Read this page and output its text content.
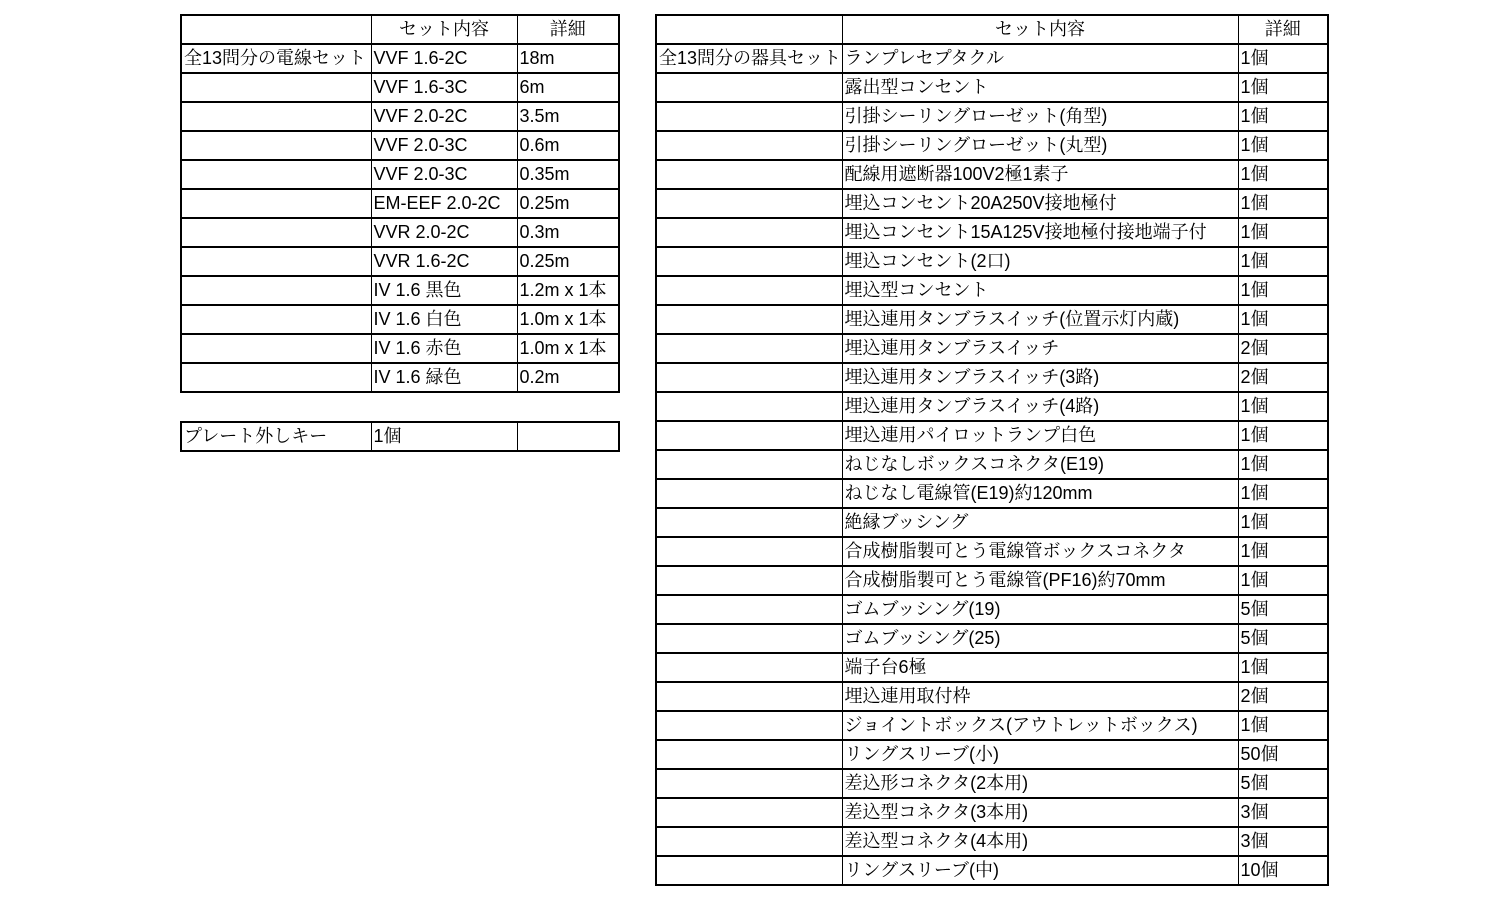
	セット内容	詳細
全13問分の電線セット	VVF 1.6-2C	18m
	VVF 1.6-3C	6m
	VVF 2.0-2C	3.5m
	VVF 2.0-3C	0.6m
	VVF 2.0-3C	0.35m
	EM-EEF 2.0-2C	0.25m
	VVR 2.0-2C	0.3m
	VVR 1.6-2C	0.25m
	IV 1.6 黒色	1.2m x 1本
	IV 1.6 白色	1.0m x 1本
	IV 1.6 赤色	1.0m x 1本
	IV 1.6 緑色	0.2m
プレート外しキー	1個	
	セット内容	詳細
全13問分の器具セット	ランプレセプタクル	1個
	露出型コンセント	1個
	引掛シーリングローゼット(角型)	1個
	引掛シーリングローゼット(丸型)	1個
	配線用遮断器100V2極1素子	1個
	埋込コンセント20A250V接地極付	1個
	埋込コンセント15A125V接地極付接地端子付	1個
	埋込コンセント(2口)	1個
	埋込型コンセント	1個
	埋込連用タンブラスイッチ(位置示灯内蔵)	1個
	埋込連用タンブラスイッチ	2個
	埋込連用タンブラスイッチ(3路)	2個
	埋込連用タンブラスイッチ(4路)	1個
	埋込連用パイロットランプ白色	1個
	ねじなしボックスコネクタ(E19)	1個
	ねじなし電線管(E19)約120mm	1個
	絶縁ブッシング	1個
	合成樹脂製可とう電線管ボックスコネクタ	1個
	合成樹脂製可とう電線管(PF16)約70mm	1個
	ゴムブッシング(19)	5個
	ゴムブッシング(25)	5個
	端子台6極	1個
	埋込連用取付枠	2個
	ジョイントボックス(アウトレットボックス)	1個
	リングスリーブ(小)	50個
	差込形コネクタ(2本用)	5個
	差込型コネクタ(3本用)	3個
	差込型コネクタ(4本用)	3個
	リングスリーブ(中)	10個
